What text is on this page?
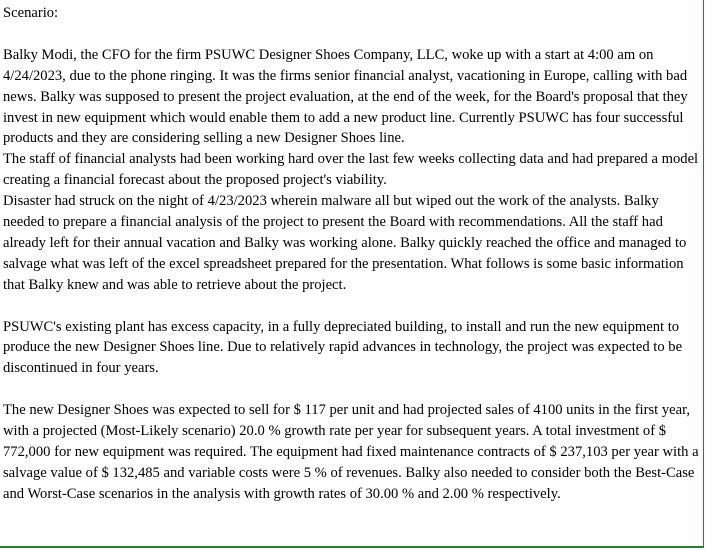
Scenario:

Balky Modi, the CFO for the firm PSUWC Designer Shoes Company, LLC, woke up with a start at 4:00 am on 4/24/2023, due to the phone ringing. It was the firms senior financial analyst, vacationing in Europe, calling with bad news. Balky was supposed to present the project evaluation, at the end of the week, for the Board's proposal that they invest in new equipment which would enable them to add a new product line. Currently PSUWC has four successful products and they are considering selling a new Designer Shoes line.

The staff of financial analysts had been working hard over the last few weeks collecting data and had prepared a model creating a financial forecast about the proposed project's viability.

Disaster had struck on the night of 4/23/2023 wherein malware all but wiped out the work of the analysts. Balky needed to prepare a financial analysis of the project to present the Board with recommendations. All the staff had already left for their annual vacation and Balky was working alone. Balky quickly reached the office and managed to salvage what was left of the excel spreadsheet prepared for the presentation. What follows is some basic information that Balky knew and was able to retrieve about the project.

PSUWC's existing plant has excess capacity, in a fully depreciated building, to install and run the new equipment to produce the new Designer Shoes line. Due to relatively rapid advances in technology, the project was expected to be discontinued in four years.

The new Designer Shoes was expected to sell for $ 117 per unit and had projected sales of 4100 units in the first year, with a projected (Most-Likely scenario) 20.0 % growth rate per year for subsequent years. A total investment of $ 772,000 for new equipment was required. The equipment had fixed maintenance contracts of $ 237,103 per year with a salvage value of $ 132,485 and variable costs were 5 % of revenues. Balky also needed to consider both the Best-Case and Worst-Case scenarios in the analysis with growth rates of 30.00 % and 2.00 % respectively.
